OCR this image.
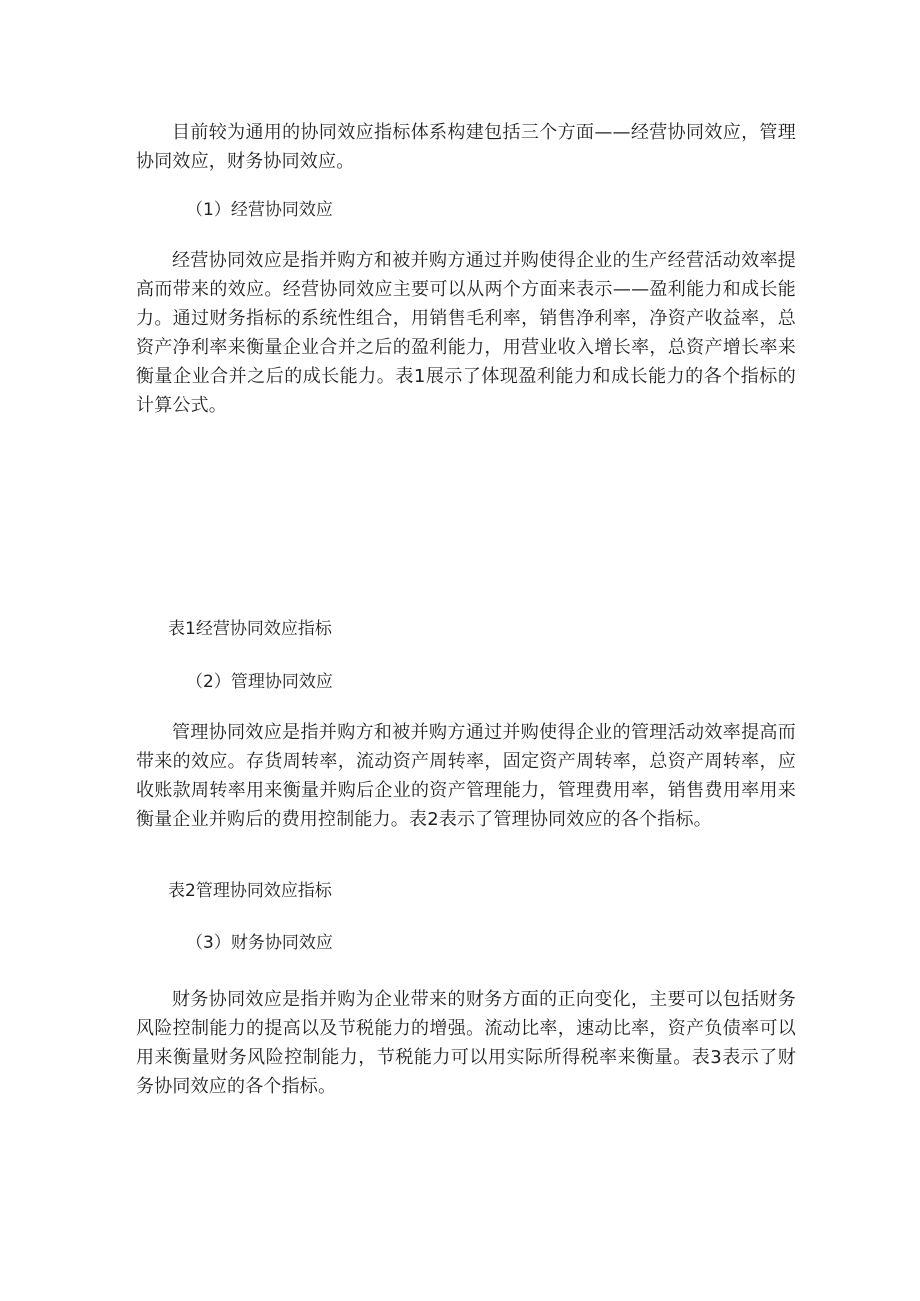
目前较为通用的协同效应指标体系构建包括三个方面——经营协同效应，管理协同效应，财务协同效应。

（1）经营协同效应

经营协同效应是指并购方和被并购方通过并购使得企业的生产经营活动效率提高而带来的效应。经营协同效应主要可以从两个方面来表示——盈利能力和成长能力。通过财务指标的系统性组合，用销售毛利率，销售净利率，净资产收益率，总资产净利率来衡量企业合并之后的盈利能力，用营业收入增长率，总资产增长率来衡量企业合并之后的成长能力。表1展示了体现盈利能力和成长能力的各个指标的计算公式。

表1经营协同效应指标

（2）管理协同效应

管理协同效应是指并购方和被并购方通过并购使得企业的管理活动效率提高而带来的效应。存货周转率，流动资产周转率，固定资产周转率，总资产周转率，应收账款周转率用来衡量并购后企业的资产管理能力，管理费用率，销售费用率用来衡量企业并购后的费用控制能力。表2表示了管理协同效应的各个指标。

表2管理协同效应指标

（3）财务协同效应

财务协同效应是指并购为企业带来的财务方面的正向变化，主要可以包括财务风险控制能力的提高以及节税能力的增强。流动比率，速动比率，资产负债率可以用来衡量财务风险控制能力，节税能力可以用实际所得税率来衡量。表3表示了财务协同效应的各个指标。
